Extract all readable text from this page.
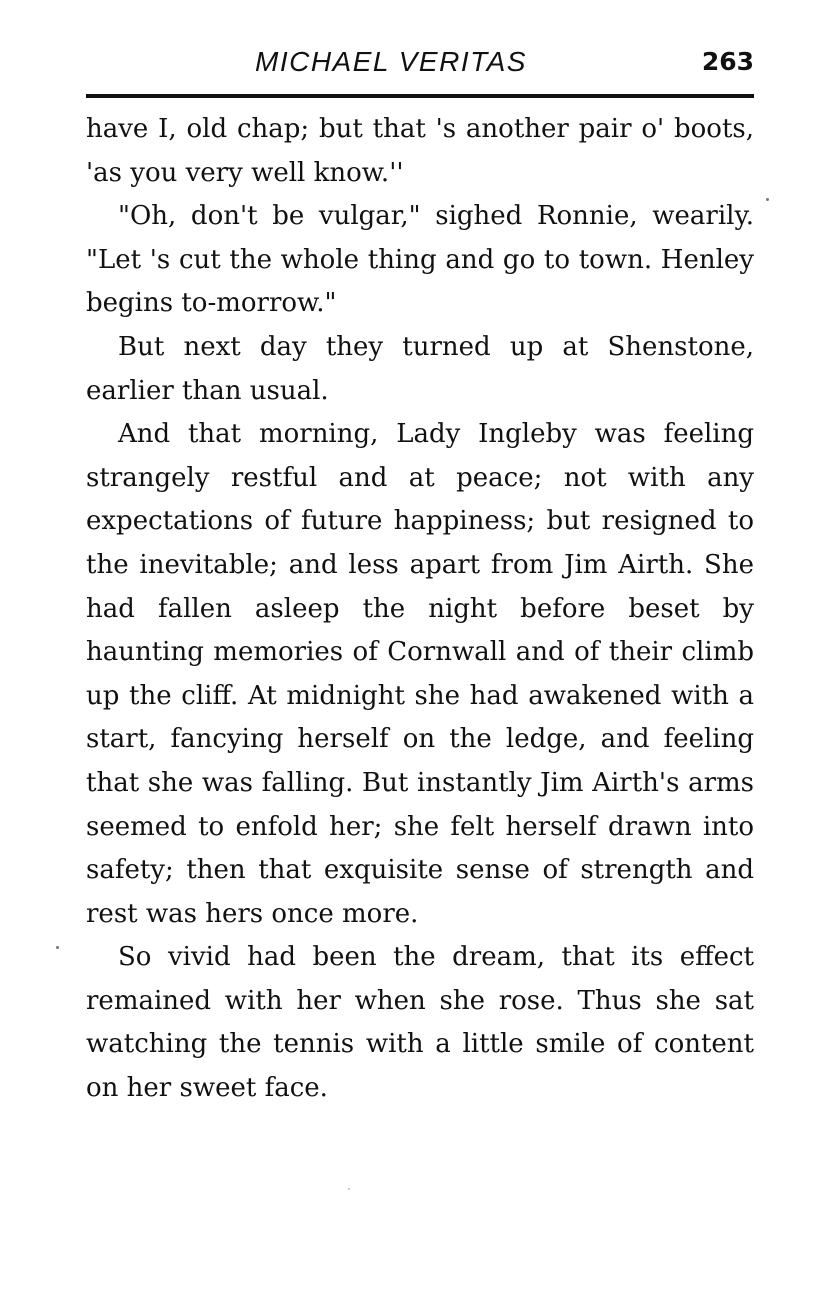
MICHAEL VERITAS	263

have I, old chap; but that 's another pair o' boots, 'as you very well know.''

"Oh, don't be vulgar," sighed Ronnie, wearily. "Let 's cut the whole thing and go to town. Henley begins to-morrow."

But next day they turned up at Shenstone, earlier than usual.

And that morning, Lady Ingleby was feeling strangely restful and at peace; not with any expectations of future happiness; but resigned to the inevitable; and less apart from Jim Airth. She had fallen asleep the night before beset by haunting memories of Cornwall and of their climb up the cliff. At midnight she had awakened with a start, fancying herself on the ledge, and feeling that she was falling. But instantly Jim Airth's arms seemed to enfold her; she felt herself drawn into safety; then that exquisite sense of strength and rest was hers once more.

So vivid had been the dream, that its effect remained with her when she rose. Thus she sat watching the tennis with a little smile of content on her sweet face.
